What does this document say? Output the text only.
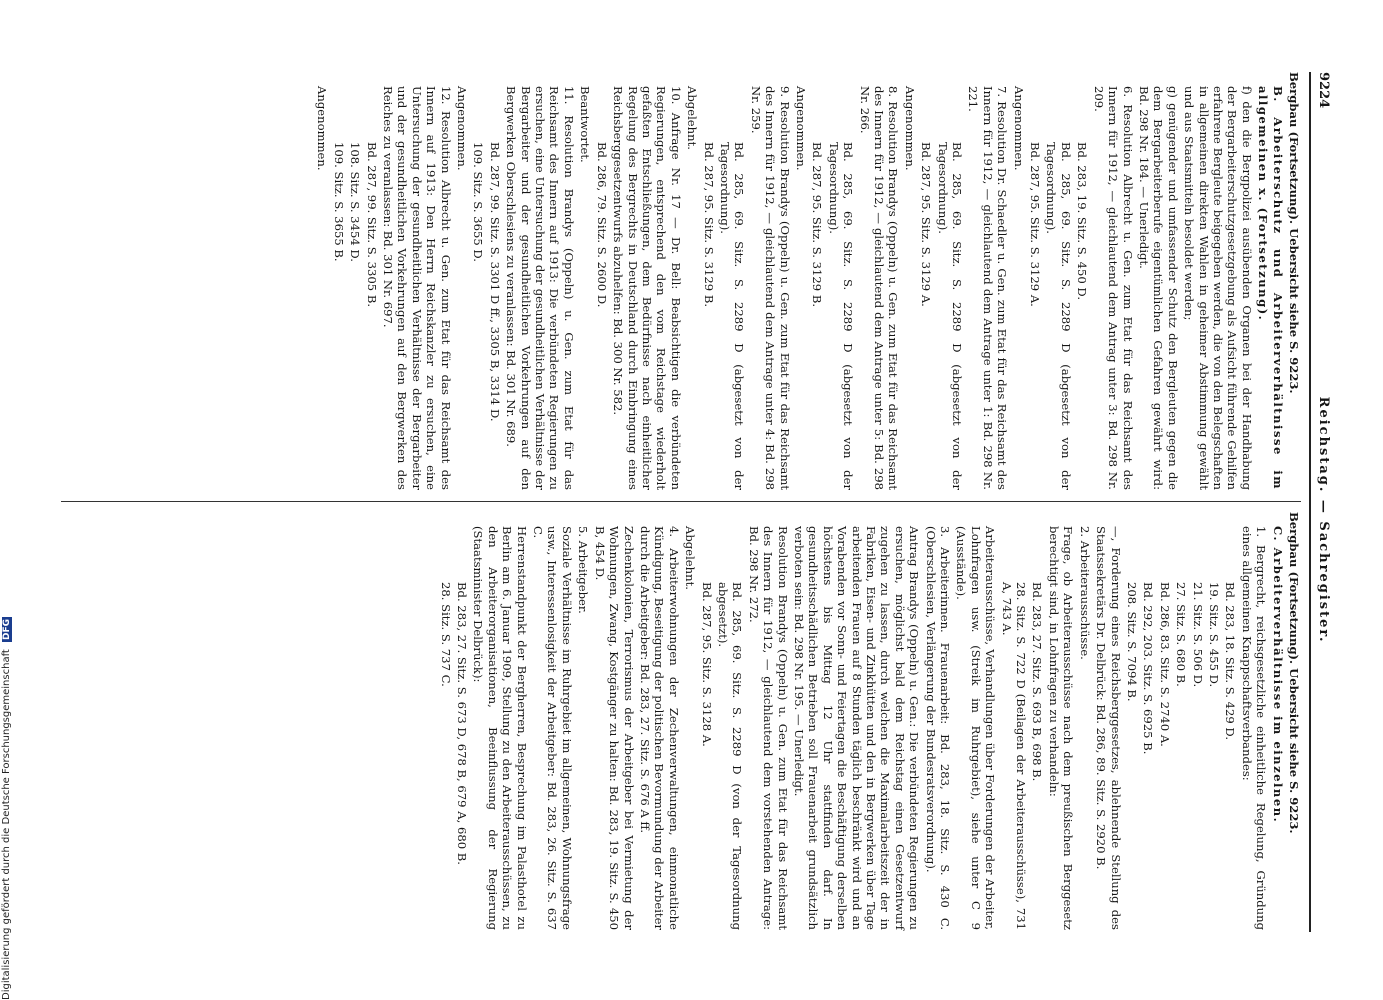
9224
Reichstag. — Sachregister.

Bergbau (Fortsetzung). Uebersicht siehe S. 9223.

B. Arbeiterschutz und Arbeiterverhältnisse im allgemeinen x. (Fortsetzung).

f) den die Bergpolizei ausübenden Organen bei der Handhabung der Bergarbeiterschutzgesetzgebung als Aufsicht führende Gehilfen erfahrene Bergleute beigegeben werden, die von den Belegschaften in allgemeinen direkten Wahlen in geheimer Abstimmung gewählt und aus Staatsmitteln besoldet werden;

g) genügender und umfassender Schutz den Bergleuten gegen die dem Bergarbeiterberufe eigentümlichen Gefahren gewährt wird: Bd. 298 Nr. 184. — Unerledigt.

6. Resolution Albrecht u. Gen. zum Etat für das Reichsamt des Innern für 1912, — gleichlautend dem Antrag unter 3: Bd. 298 Nr. 209.

Bd. 283, 19. Sitz. S. 450 D.

Bd. 285, 69. Sitz. S. 2289 D (abgesetzt von der Tagesordnung).

Bd. 287, 95. Sitz. S. 3129 A.

Angenommen.

7. Resolution Dr. Schaedler u. Gen. zum Etat für das Reichsamt des Innern für 1912, — gleichlautend dem Antrage unter 1: Bd. 298 Nr. 221.

Bd. 285, 69. Sitz. S. 2289 D (abgesetzt von der Tagesordnung).

Bd. 287, 95. Sitz. S. 3129 A.

Angenommen.

8. Resolution Brandys (Oppeln) u. Gen. zum Etat für das Reichsamt des Innern für 1912, — gleichlautend dem Antrage unter 5: Bd. 298 Nr. 266.

Bd. 285, 69. Sitz. S. 2289 D (abgesetzt von der Tagesordnung).

Bd. 287, 95. Sitz. S. 3129 B.

Angenommen.

9. Resolution Brandys (Oppeln) u. Gen. zum Etat für das Reichsamt des Innern für 1912, — gleichlautend dem Antrage unter 4: Bd. 298 Nr. 259.

Bd. 285, 69. Sitz. S. 2289 D (abgesetzt von der Tagesordnung).

Bd. 287, 95. Sitz. S. 3129 B.

Abgelehnt.

10. Anfrage Nr. 17 — Dr. Bell: Beabsichtigen die verbündeten Regierungen, entsprechend den vom Reichstage wiederholt gefaßten Entschließungen, dem Bedürfnisse nach einheitlicher Regelung des Bergrechts in Deutschland durch Einbringung eines Reichsberggesetzentwurfs abzuhelfen: Bd. 300 Nr. 582.

Bd. 286, 79. Sitz. S. 2600 D.

Beantwortet.

11. Resolution Brandys (Oppeln) u. Gen. zum Etat für das Reichsamt des Innern auf 1913: Die verbündeten Regierungen zu ersuchen, eine Untersuchung der gesundheitlichen Verhältnisse der Bergarbeiter und der gesundheitlichen Vorkehrungen auf den Bergwerken Oberschlesiens zu veranlassen: Bd. 301 Nr. 689.

Bd. 287, 99. Sitz. S. 3301 D ff., 3305 B, 3314 D.

109. Sitz. S. 3655 D.

Angenommen.

12. Resolution Albrecht u. Gen. zum Etat für das Reichsamt des Innern auf 1913: Den Herrn Reichskanzler zu ersuchen, eine Untersuchung der gesundheitlichen Verhältnisse der Bergarbeiter und der gesundheitlichen Vorkehrungen auf den Bergwerken des Reiches zu veranlassen: Bd. 301 Nr. 697.

Bd. 287, 99. Sitz. S. 3305 B.

108. Sitz. S. 3454 D.

109. Sitz. S. 3655 B.

Angenommen.

Bergbau (Fortsetzung). Uebersicht siehe S. 9223.

C. Arbeiterverhältnisse im einzelnen.

1. Bergrecht, reichsgesetzliche einheitliche Regelung, Gründung eines allgemeinen Knappschaftsverbandes:

Bd. 283, 18. Sitz. S. 429 D.

19. Sitz. S. 455 D.

21. Sitz. S. 506 D.

27. Sitz. S. 680 B.

Bd. 286, 83. Sitz. S. 2740 A.

Bd. 292, 203. Sitz. S. 6925 B.

208. Sitz. S. 7094 B.

—, Forderung eines Reichsberggesetzes, ablehnende Stellung des Staatssekretärs Dr. Delbrück: Bd. 286, 89. Sitz. S. 2920 B.

2. Arbeiterausschüsse.

Frage, ob Arbeiterausschüsse nach dem preußischen Berggesetz berechtigt sind, in Lohnfragen zu verhandeln:

Bd. 283, 27. Sitz. S. 693 B, 698 B.

28. Sitz. S. 722 D (Beilagen der Arbeiterausschüsse), 731 A, 743 A.

Arbeiterausschüsse, Verhandlungen über Forderungen der Arbeiter, Lohnfragen usw. (Streik im Ruhrgebiet), siehe unter C 9 (Ausstände).

3. Arbeiterinnen. Frauenarbeit: Bd. 283, 18. Sitz. S. 430 C. (Oberschlesien, Verlängerung der Bundesratsverordnung).

Antrag Brandys (Oppeln) u. Gen.: Die verbündeten Regierungen zu ersuchen, möglichst bald dem Reichstag einen Gesetzentwurf zugehen zu lassen, durch welchen die Maximalarbeitszeit der in Fabriken, Eisen- und Zinkhütten und den in Bergwerken über Tage arbeitenden Frauen auf 8 Stunden täglich beschränkt wird und an Vorabenden vor Sonn- und Feiertagen die Beschäftigung derselben höchstens bis Mittag 12 Uhr stattfinden darf. In gesundheitsschädlichen Betrieben soll Frauenarbeit grundsätzlich verboten sein: Bd. 298 Nr. 195. — Unerledigt.

Resolution Brandys (Oppeln) u. Gen. zum Etat für das Reichsamt des Innern für 1912, — gleichlautend dem vorstehenden Antrage: Bd. 298 Nr. 272.

Bd. 285, 69. Sitz. S. 2289 D (von der Tagesordnung abgesetzt).

Bd. 287, 95. Sitz. S. 3128 A.

Abgelehnt.

4. Arbeiterwohnungen der Zechenverwaltungen, einmonatliche Kündigung, Beseitigung der politischen Bevormundung der Arbeiter durch die Arbeitgeber: Bd. 283, 27. Sitz. S. 676 A ff.

Zechenkolonien, Terrorismus der Arbeitgeber bei Vermietung der Wohnungen, Zwang, Kostgänger zu halten: Bd. 283, 19. Sitz. S. 450 B, 454 D.

5. Arbeitgeber.

Soziale Verhältnisse im Ruhrgebiet im allgemeinen, Wohnungsfrage usw., Interessenlosigkeit der Arbeitgeber: Bd. 283, 26. Sitz. S. 637 C.

Herrenstandpunkt der Bergherren, Besprechung im Palasthotel zu Berlin am 6. Januar 1909, Stellung zu den Arbeiterausschüssen, zu den Arbeiterorganisationen, Beeinflussung der Regierung (Staatsminister Delbrück):

Bd. 283, 27. Sitz. S. 673 D, 678 B, 679 A, 680 B.

28. Sitz. S. 737 C.

Digitalisierung gefördert durch die Deutsche Forschungsgemeinschaft DFG
